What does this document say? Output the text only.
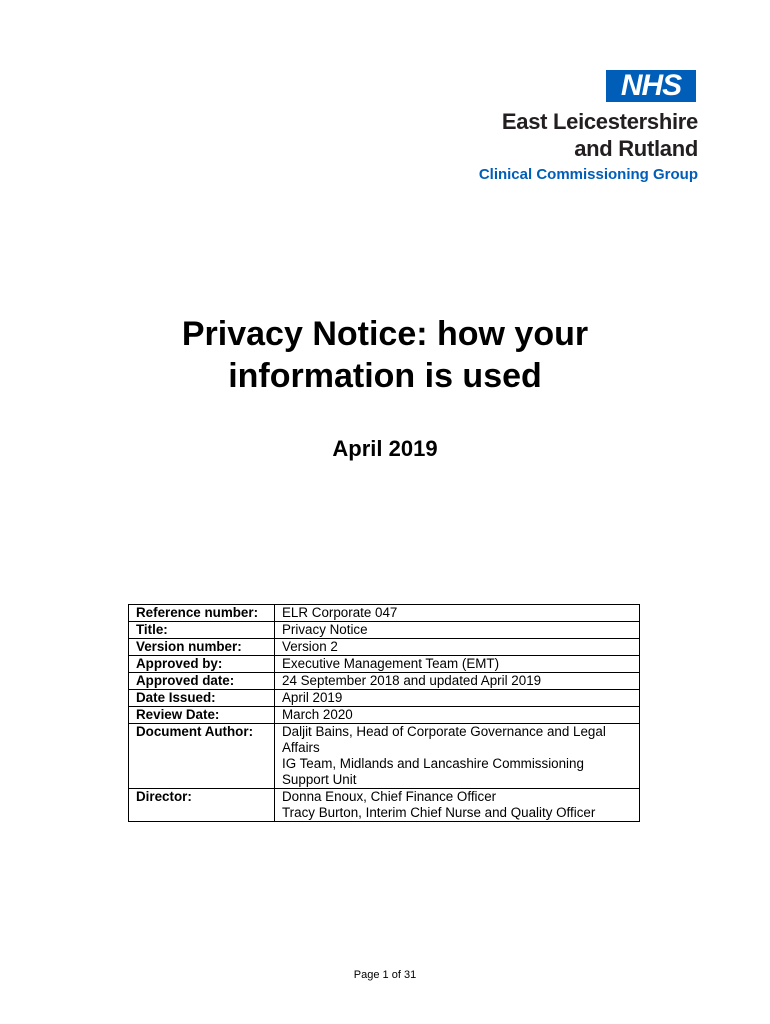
NHS
East Leicestershire
and Rutland
Clinical Commissioning Group
Privacy Notice: how your
information is used
April 2019
Reference number:	ELR Corporate 047

Title:	Privacy Notice

Version number:	Version 2

Approved by:	Executive Management Team (EMT)

Approved date:	24 September 2018 and updated April 2019

Date Issued:	April 2019

Review Date:	March 2020

Document Author:	Daljit Bains, Head of Corporate Governance and Legal Affairs
IG Team, Midlands and Lancashire Commissioning Support Unit

Director:	Donna Enoux, Chief Finance Officer
Tracy Burton, Interim Chief Nurse and Quality Officer
Page 1 of 31
